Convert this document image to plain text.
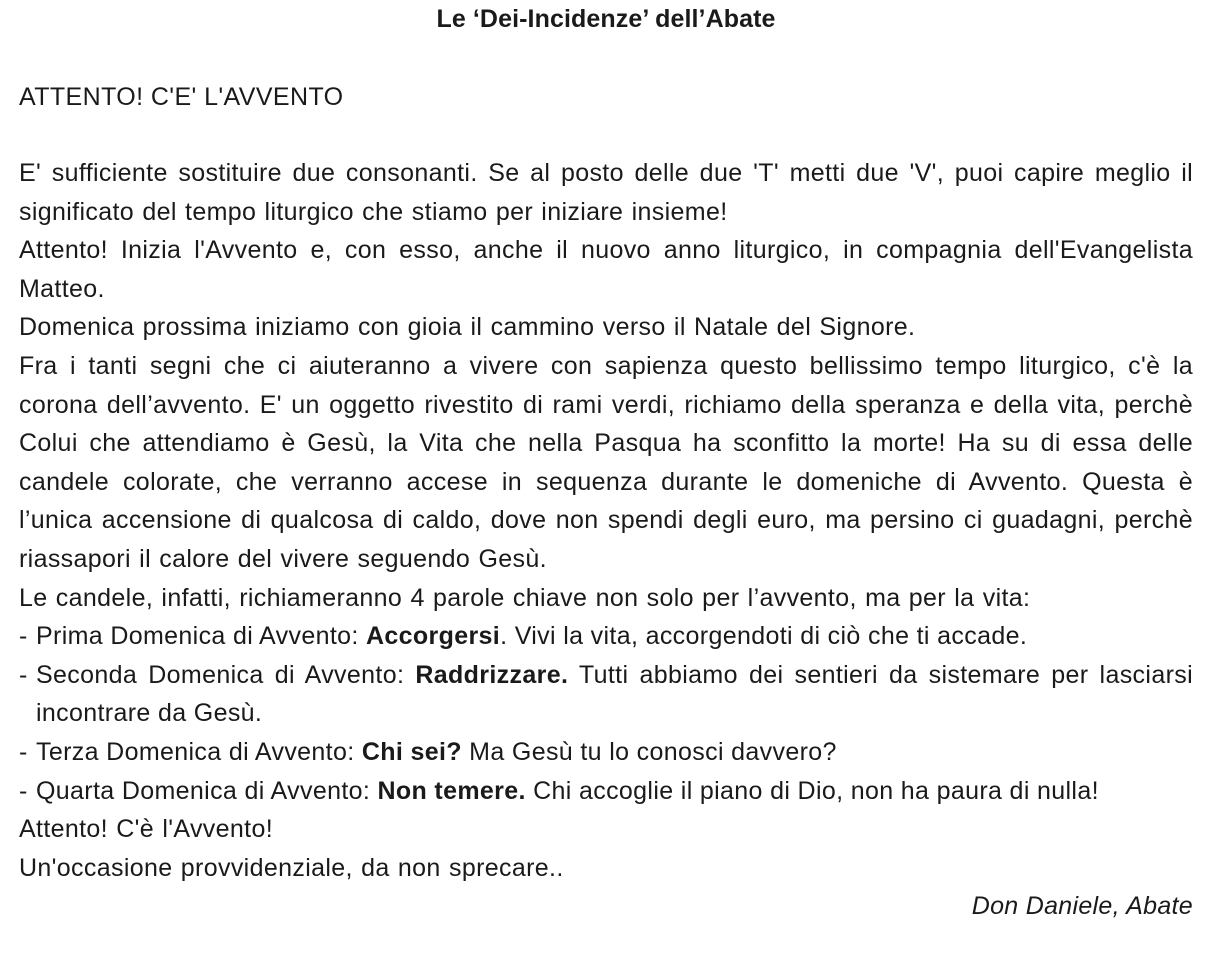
Le ‘Dei-Incidenze’ dell’Abate

ATTENTO! C'E' L'AVVENTO

E' sufficiente sostituire due consonanti. Se al posto delle due 'T' metti due 'V', puoi capire meglio il significato del tempo liturgico che stiamo per iniziare insieme!

Attento! Inizia l'Avvento e, con esso, anche il nuovo anno liturgico, in compagnia dell'Evangelista Matteo.

Domenica prossima iniziamo con gioia il cammino verso il Natale del Signore.

Fra i tanti segni che ci aiuteranno a vivere con sapienza questo bellissimo tempo liturgico, c'è la corona dell’avvento. E' un oggetto rivestito di rami verdi, richiamo della speranza e della vita, perchè Colui che attendiamo è Gesù, la Vita che nella Pasqua ha sconfitto la morte! Ha su di essa delle candele colorate, che verranno accese in sequenza durante le domeniche di Avvento. Questa è l’unica accensione di qualcosa di caldo, dove non spendi degli euro, ma persino ci guadagni, perchè riassapori il calore del vivere seguendo Gesù.

Le candele, infatti, richiameranno 4 parole chiave non solo per l’avvento, ma per la vita:

- Prima Domenica di Avvento: Accorgersi. Vivi la vita, accorgendoti di ciò che ti accade.

- Seconda Domenica di Avvento: Raddrizzare. Tutti abbiamo dei sentieri da sistemare per lasciarsi incontrare da Gesù.

- Terza Domenica di Avvento: Chi sei? Ma Gesù tu lo conosci davvero?

- Quarta Domenica di Avvento: Non temere. Chi accoglie il piano di Dio, non ha paura di nulla!

Attento! C'è l'Avvento!

Un'occasione provvidenziale, da non sprecare..

Don Daniele, Abate
